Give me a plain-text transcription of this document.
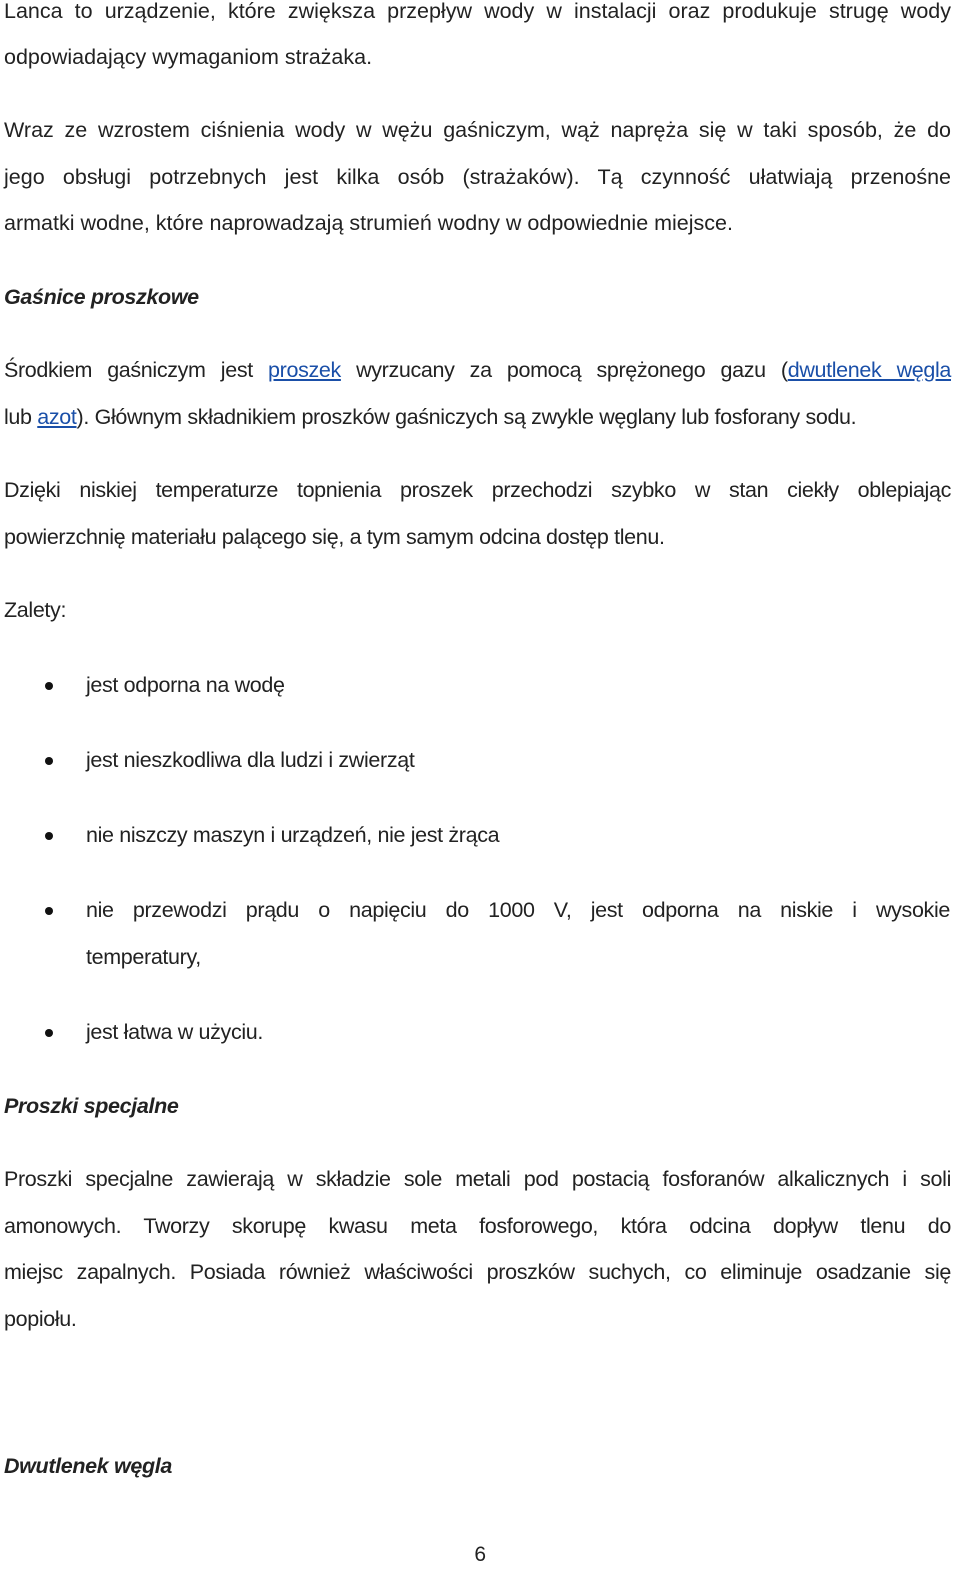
Lanca to urządzenie, które zwiększa przepływ wody w instalacji oraz produkuje strugę wody
odpowiadający wymaganiom strażaka.
Wraz ze wzrostem ciśnienia wody w wężu gaśniczym, wąż napręża się w taki sposób, że do
jego obsługi potrzebnych jest kilka osób (strażaków). Tą czynność ułatwiają przenośne
armatki wodne, które naprowadzają strumień wodny w odpowiednie miejsce.
Gaśnice proszkowe
Środkiem gaśniczym jest proszek wyrzucany za pomocą sprężonego gazu (dwutlenek węgla
lub azot). Głównym składnikiem proszków gaśniczych są zwykle węglany lub fosforany sodu.
Dzięki niskiej temperaturze topnienia proszek przechodzi szybko w stan ciekły oblepiając
powierzchnię materiału palącego się, a tym samym odcina dostęp tlenu.
Zalety:
jest odporna na wodę
jest nieszkodliwa dla ludzi i zwierząt
nie niszczy maszyn i urządzeń, nie jest żrąca
nie przewodzi prądu o napięciu do 1000 V, jest odporna na niskie i wysokie
temperatury,
jest łatwa w użyciu.
Proszki specjalne
Proszki specjalne zawierają w składzie sole metali pod postacią fosforanów alkalicznych i soli
amonowych. Tworzy skorupę kwasu meta fosforowego, która odcina dopływ tlenu do
miejsc zapalnych. Posiada również właściwości proszków suchych, co eliminuje osadzanie się
popiołu.
Dwutlenek węgla
6
